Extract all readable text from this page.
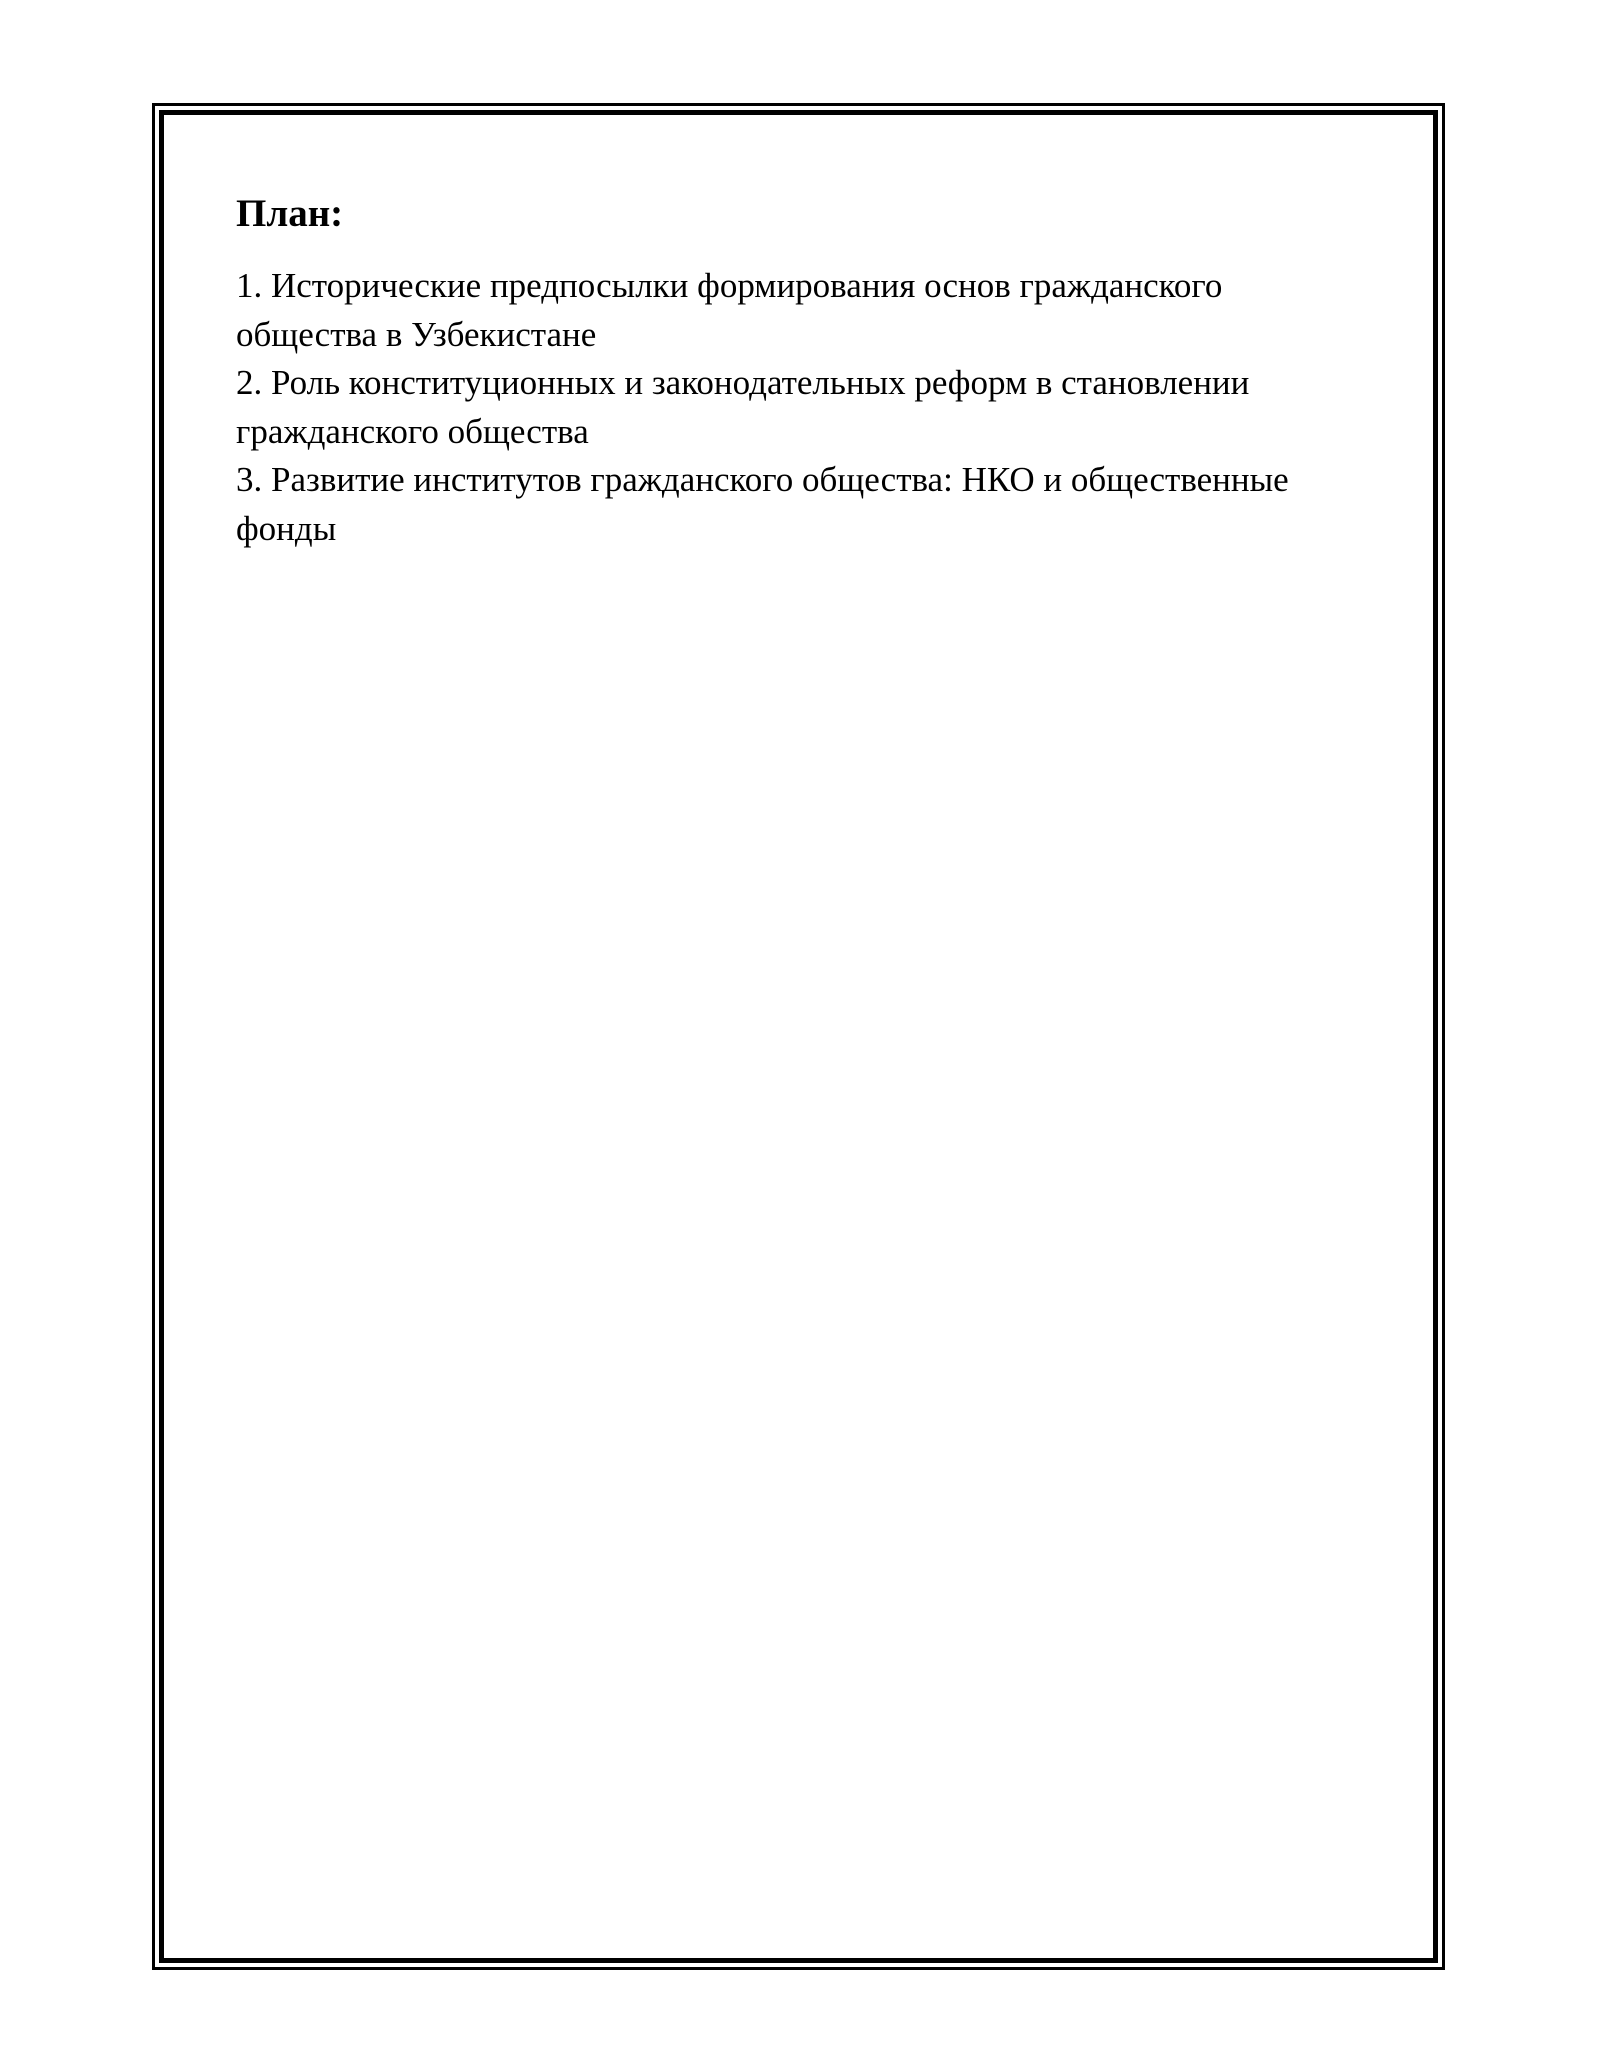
План:
1. Исторические предпосылки формирования основ гражданского общества в Узбекистане
2. Роль конституционных и законодательных реформ в становлении гражданского общества
3. Развитие институтов гражданского общества: НКО и общественные фонды
